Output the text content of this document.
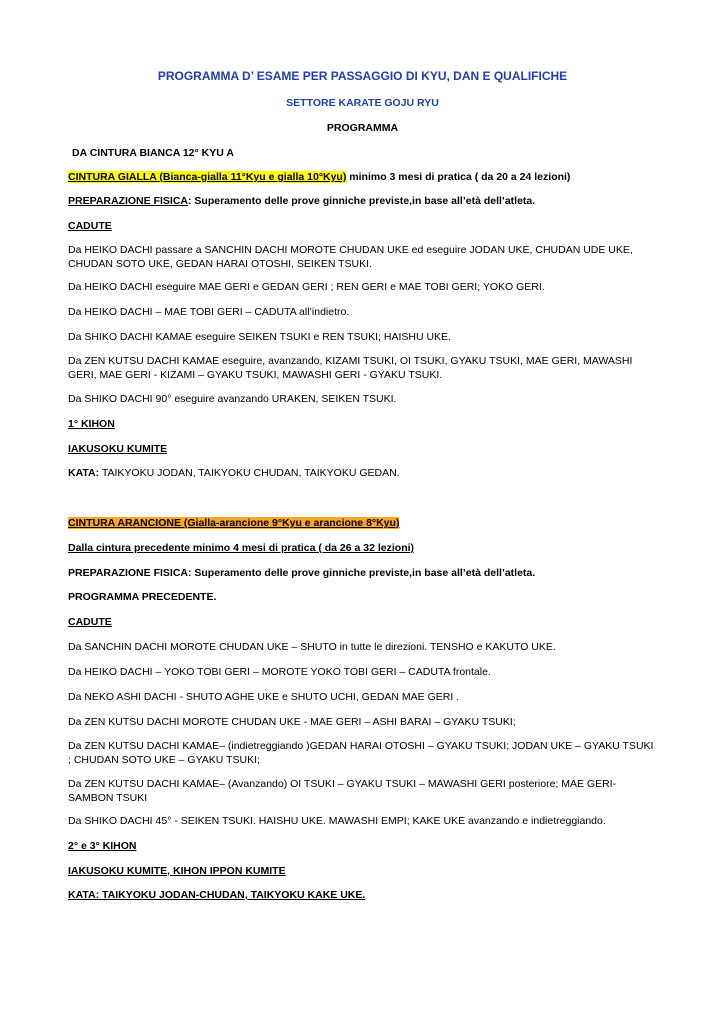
PROGRAMMA D’ ESAME PER PASSAGGIO DI KYU, DAN E QUALIFICHE
SETTORE KARATE GOJU RYU
PROGRAMMA
DA CINTURA BIANCA 12° KYU A
CINTURA GIALLA (Bianca-gialla 11°Kyu e gialla 10°Kyu) minimo 3 mesi di pratica ( da 20 a 24 lezioni)
PREPARAZIONE FISICA: Superamento delle prove ginniche previste,in base all’età dell’atleta.
CADUTE
Da HEIKO DACHI passare a SANCHIN DACHI MOROTE CHUDAN UKE ed eseguire JODAN UKE, CHUDAN UDE UKE, CHUDAN SOTO UKE, GEDAN HARAI OTOSHI, SEIKEN TSUKI.
Da HEIKO DACHI eseguire MAE GERI e GEDAN GERI ; REN GERI e MAE TOBI GERI; YOKO GERI.
Da HEIKO DACHI – MAE TOBI GERI – CADUTA all’indietro.
Da SHIKO DACHI KAMAE eseguire SEIKEN TSUKI e REN TSUKI; HAISHU UKE.
Da ZEN KUTSU DACHI KAMAE eseguire, avanzando, KIZAMI TSUKI, OI TSUKI, GYAKU TSUKI, MAE GERI, MAWASHI GERI, MAE GERI - KIZAMI – GYAKU TSUKI, MAWASHI GERI - GYAKU TSUKI.
Da SHIKO DACHI 90° eseguire avanzando URAKEN, SEIKEN TSUKI.
1° KIHON
IAKUSOKU KUMITE
KATA: TAIKYOKU JODAN, TAIKYOKU CHUDAN, TAIKYOKU GEDAN.
CINTURA ARANCIONE (Gialla-arancione 9°Kyu e arancione 8°Kyu)
Dalla cintura precedente minimo 4 mesi di pratica ( da 26 a 32 lezioni)
PREPARAZIONE FISICA: Superamento delle prove ginniche previste,in base all’età dell’atleta.
PROGRAMMA PRECEDENTE.
CADUTE
Da SANCHIN DACHI MOROTE CHUDAN UKE – SHUTO in tutte le direzioni. TENSHO e KAKUTO UKE.
Da HEIKO DACHI – YOKO TOBI GERI – MOROTE YOKO TOBI GERI – CADUTA frontale.
Da NEKO ASHI DACHI - SHUTO AGHE UKE e SHUTO UCHI, GEDAN MAE GERI .
Da ZEN KUTSU DACHI MOROTE CHUDAN UKE - MAE GERI – ASHI BARAI – GYAKU TSUKI;
Da ZEN KUTSU DACHI KAMAE– (indietreggiando )GEDAN HARAI OTOSHI – GYAKU TSUKI; JODAN UKE – GYAKU TSUKI ; CHUDAN SOTO UKE – GYAKU TSUKI;
Da ZEN KUTSU DACHI KAMAE– (Avanzando) OI TSUKI – GYAKU TSUKI – MAWASHI GERI posteriore; MAE GERI-SAMBON TSUKI
Da SHIKO DACHI 45° - SEIKEN TSUKI. HAISHU UKE. MAWASHI EMPI; KAKE UKE avanzando e indietreggiando.
2° e 3° KIHON
IAKUSOKU KUMITE, KIHON IPPON KUMITE
KATA: TAIKYOKU JODAN-CHUDAN, TAIKYOKU KAKE UKE.
